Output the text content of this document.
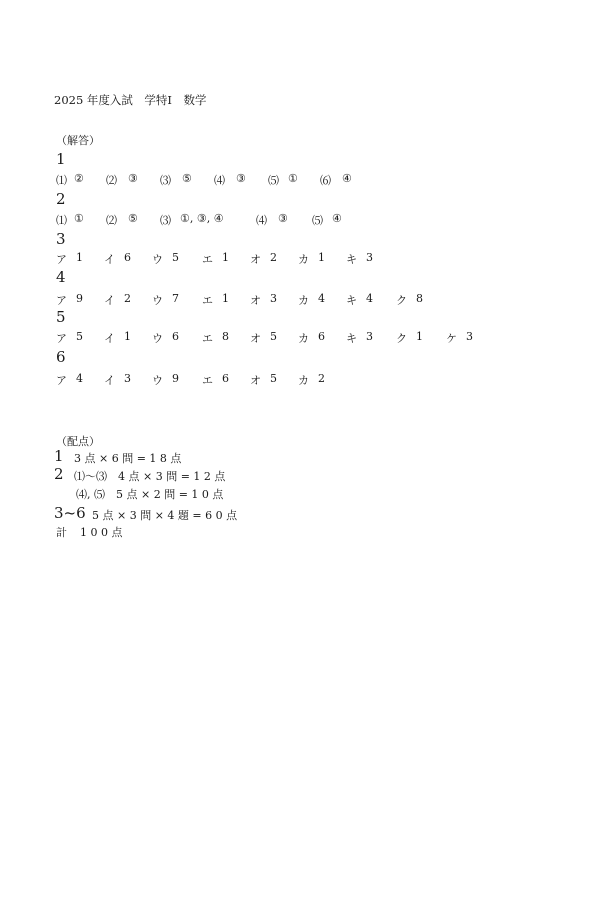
2025 年度入試　学特Ⅰ　数学
（解答）
1
⑴ ② ⑵ ③ ⑶ ⑤ ⑷ ③ ⑸ ① ⑹ ④
2
⑴ ① ⑵ ⑤ ⑶ ①, ③, ④	⑷ ③ ⑸ ④
3
ア 1 イ 6 ウ 5 エ 1 オ 2 カ 1 キ 3
4
ア 9 イ 2 ウ 7 エ 1 オ 3 カ 4 キ 4 ク 8
5
ア 5 イ 1 ウ 6 エ 8 オ 5 カ 6 キ 3 ク 1 ケ 3
6
ア 4 イ 3 ウ 9 エ 6 オ 5 カ 2
（配点）
1 3 点 × 6 問 = 1 8 点
2 ⑴～⑶　4 点 × 3 問 = 1 2 点
⑷, ⑸　5 点 × 2 問 = 1 0 点
3~6 5 点 × 3 問 × 4 題 = 6 0 点
計 1 0 0 点
